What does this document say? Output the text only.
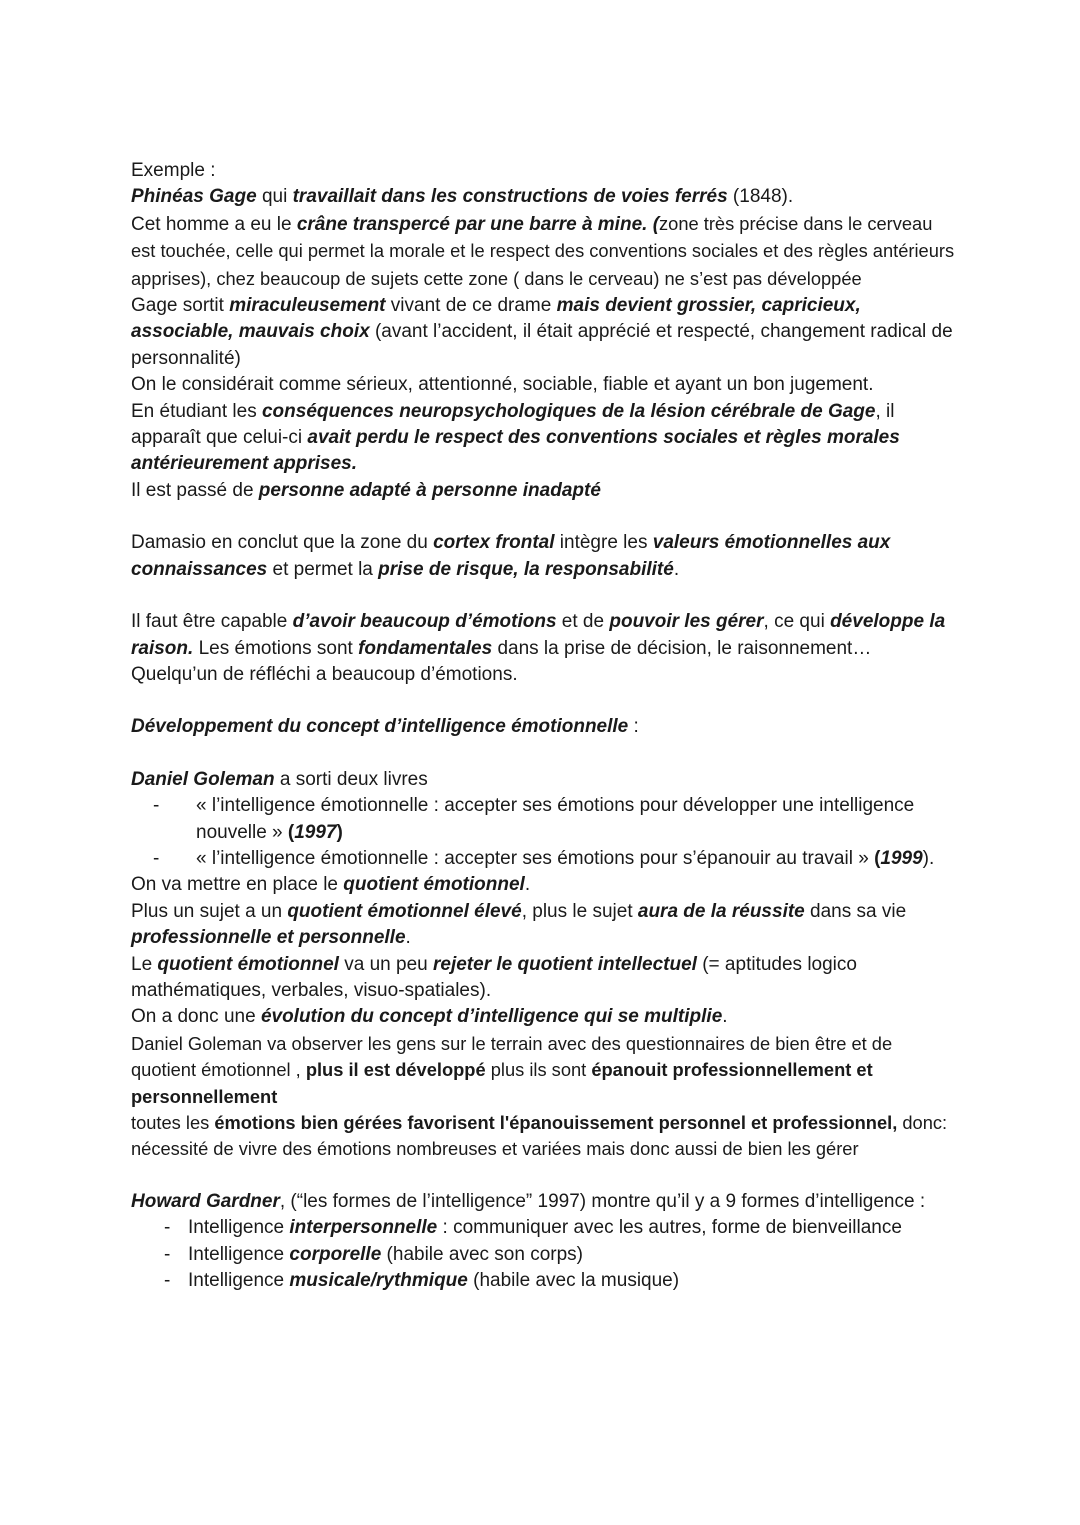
Exemple :

Phinéas Gage qui travaillait dans les constructions de voies ferrés (1848).

Cet homme a eu le crâne transpercé par une barre à mine. (zone très précise dans le cerveau est touchée, celle qui permet la morale et le respect des conventions sociales et des règles antérieurs apprises), chez beaucoup de sujets cette zone ( dans le cerveau) ne s’est pas développée

Gage sortit miraculeusement vivant de ce drame mais devient grossier, capricieux, associable, mauvais choix (avant l’accident, il était apprécié et respecté, changement radical de personnalité)

On le considérait comme sérieux, attentionné, sociable, fiable et ayant un bon jugement.

En étudiant les conséquences neuropsychologiques de la lésion cérébrale de Gage, il apparaît que celui-ci avait perdu le respect des conventions sociales et règles morales antérieurement apprises.

Il est passé de personne adapté à personne inadapté

Damasio en conclut que la zone du cortex frontal intègre les valeurs émotionnelles aux connaissances et permet la prise de risque, la responsabilité.

Il faut être capable d’avoir beaucoup d’émotions et de pouvoir les gérer, ce qui développe la raison. Les émotions sont fondamentales dans la prise de décision, le raisonnement…

Quelqu’un de réfléchi a beaucoup d’émotions.

Développement du concept d’intelligence émotionnelle :

Daniel Goleman a sorti deux livres

- « l’intelligence émotionnelle : accepter ses émotions pour développer une intelligence nouvelle » (1997)
- « l’intelligence émotionnelle : accepter ses émotions pour s’épanouir au travail » (1999).

On va mettre en place le quotient émotionnel.

Plus un sujet a un quotient émotionnel élevé, plus le sujet aura de la réussite dans sa vie professionnelle et personnelle.

Le quotient émotionnel va un peu rejeter le quotient intellectuel (= aptitudes logico mathématiques, verbales, visuo-spatiales).

On a donc une évolution du concept d’intelligence qui se multiplie.

Daniel Goleman va observer les gens sur le terrain avec des questionnaires de bien être et de quotient émotionnel , plus il est développé plus ils sont épanouit professionnellement et personnellement

toutes les émotions bien gérées favorisent l'épanouissement personnel et professionnel, donc: nécessité de vivre des émotions nombreuses et variées mais donc aussi de bien les gérer

Howard Gardner, (“les formes de l’intelligence” 1997) montre qu’il y a 9 formes d’intelligence :

- Intelligence interpersonnelle : communiquer avec les autres, forme de bienveillance
- Intelligence corporelle (habile avec son corps)
- Intelligence musicale/rythmique (habile avec la musique)
